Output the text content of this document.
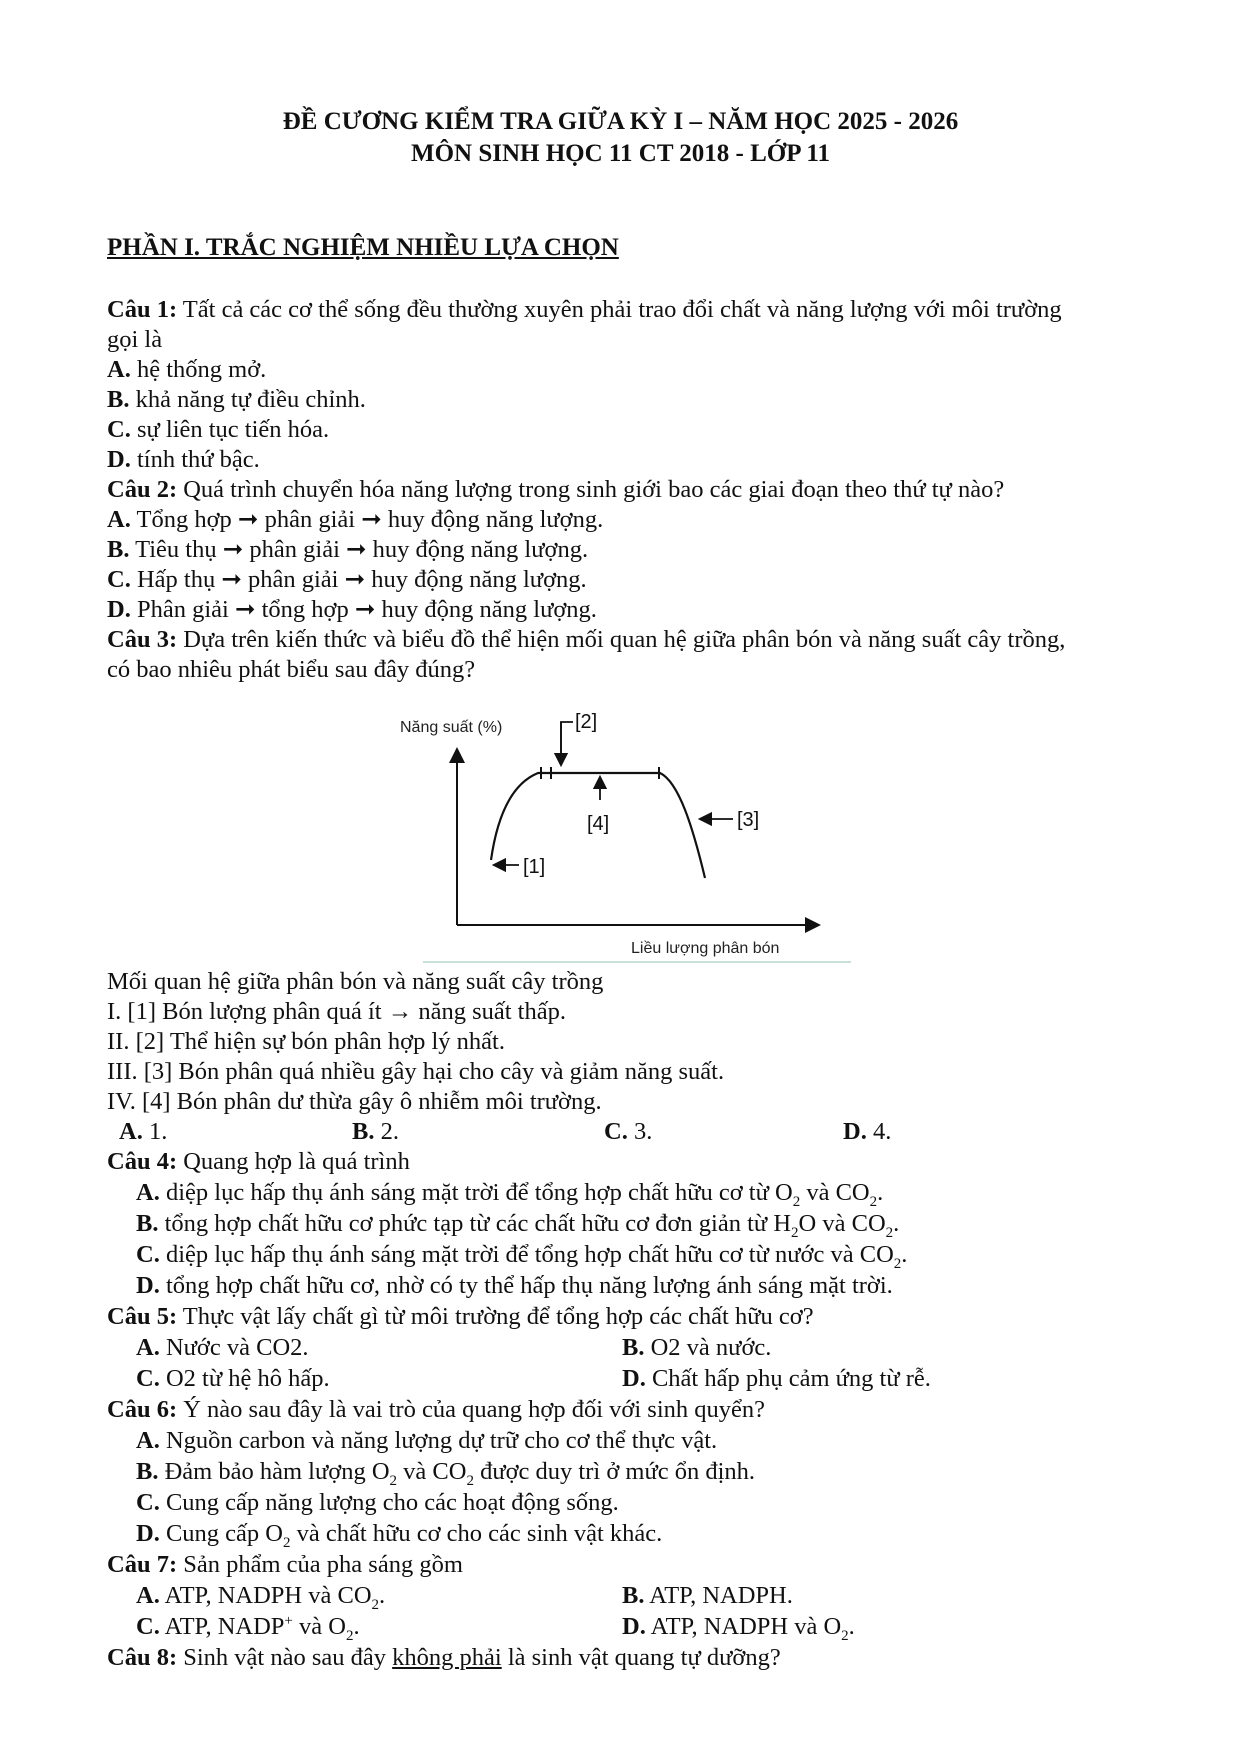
ĐỀ CƯƠNG KIỂM TRA GIỮA KỲ I – NĂM HỌC 2025 - 2026
MÔN SINH HỌC 11 CT 2018 - LỚP 11
PHẦN I. TRẮC NGHIỆM NHIỀU LỰA CHỌN
Câu 1: Tất cả các cơ thể sống đều thường xuyên phải trao đổi chất và năng lượng với môi trường
gọi là
A. hệ thống mở.
B. khả năng tự điều chỉnh.
C. sự liên tục tiến hóa.
D. tính thứ bậc.
Câu 2: Quá trình chuyển hóa năng lượng trong sinh giới bao các giai đoạn theo thứ tự nào?
A. Tổng hợp ➞ phân giải ➞ huy động năng lượng.
B. Tiêu thụ ➞ phân giải ➞ huy động năng lượng.
C. Hấp thụ ➞ phân giải ➞ huy động năng lượng.
D. Phân giải ➞ tổng hợp ➞ huy động năng lượng.
Câu 3: Dựa trên kiến thức và biểu đồ thể hiện mối quan hệ giữa phân bón và năng suất cây trồng,
có bao nhiêu phát biểu sau đây đúng?
Năng suất (%)
Liều lượng phân bón
[2]
[4]	[3]
[1]
Mối quan hệ giữa phân bón và năng suất cây trồng
I. [1] Bón lượng phân quá ít → năng suất thấp.
II. [2] Thể hiện sự bón phân hợp lý nhất.
III. [3] Bón phân quá nhiều gây hại cho cây và giảm năng suất.
IV. [4] Bón phân dư thừa gây ô nhiễm môi trường.
A. 1.	B. 2.	C. 3.	D. 4.
Câu 4: Quang hợp là quá trình
A. diệp lục hấp thụ ánh sáng mặt trời để tổng hợp chất hữu cơ từ $O_2$ và $CO_2$.
B. tổng hợp chất hữu cơ phức tạp từ các chất hữu cơ đơn giản từ $H_2O$ và $CO_2$.
C. diệp lục hấp thụ ánh sáng mặt trời để tổng hợp chất hữu cơ từ nước và $CO_2$.
D. tổng hợp chất hữu cơ, nhờ có ty thể hấp thụ năng lượng ánh sáng mặt trời.
Câu 5: Thực vật lấy chất gì từ môi trường để tổng hợp các chất hữu cơ?
A. Nước và CO2.	B. O2 và nước.
C. O2 từ hệ hô hấp.	D. Chất hấp phụ cảm ứng từ rễ.
Câu 6: Ý nào sau đây là vai trò của quang hợp đối với sinh quyển?
A. Nguồn carbon và năng lượng dự trữ cho cơ thể thực vật.
B. Đảm bảo hàm lượng $O_2$ và $CO_2$ được duy trì ở mức ổn định.
C. Cung cấp năng lượng cho các hoạt động sống.
D. Cung cấp $O_2$ và chất hữu cơ cho các sinh vật khác.
Câu 7: Sản phẩm của pha sáng gồm
A. ATP, NADPH và $CO_2$.	B. ATP, NADPH.
C. ATP, NADP+ và $O_2$.	D. ATP, NADPH và $O_2$.
Câu 8: Sinh vật nào sau đây không phải là sinh vật quang tự dưỡng?
